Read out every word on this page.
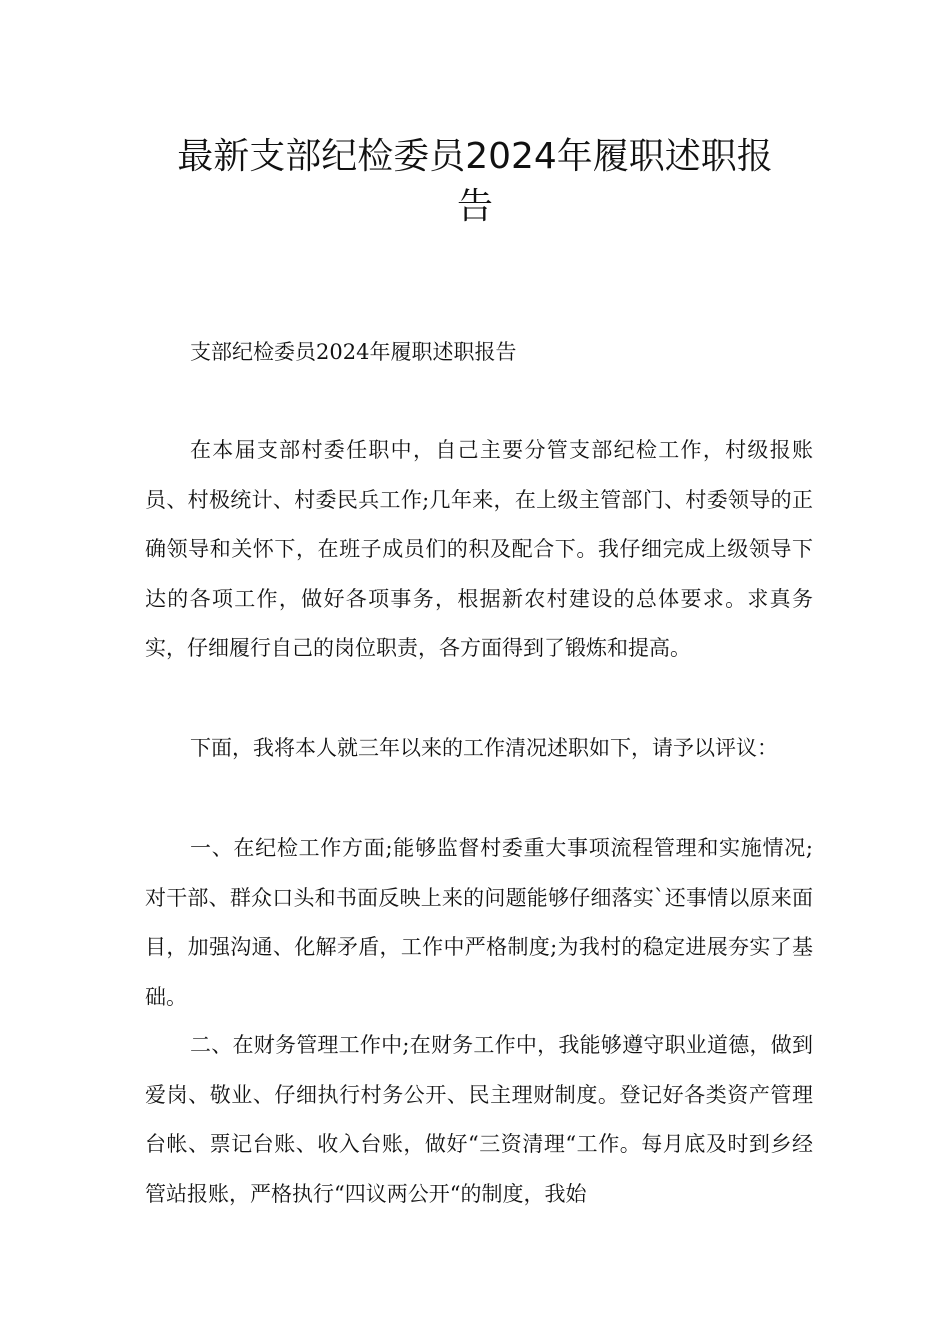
最新支部纪检委员2024年履职述职报
告

支部纪检委员2024年履职述职报告

在本届支部村委任职中，自己主要分管支部纪检工作，村级报账员、村极统计、村委民兵工作;几年来，在上级主管部门、村委领导的正确领导和关怀下，在班子成员们的积及配合下。我仔细完成上级领导下达的各项工作，做好各项事务，根据新农村建设的总体要求。求真务实，仔细履行自己的岗位职责，各方面得到了锻炼和提高。

下面，我将本人就三年以来的工作清况述职如下，请予以评议：

一、在纪检工作方面;能够监督村委重大事项流程管理和实施情况;对干部、群众口头和书面反映上来的问题能够仔细落实`还事情以原来面目，加强沟通、化解矛盾，工作中严格制度;为我村的稳定进展夯实了基础。

二、在财务管理工作中;在财务工作中，我能够遵守职业道德，做到爱岗、敬业、仔细执行村务公开、民主理财制度。登记好各类资产管理台帐、票记台账、收入台账，做好“三资清理“工作。每月底及时到乡经管站报账，严格执行“四议两公开“的制度，我始
